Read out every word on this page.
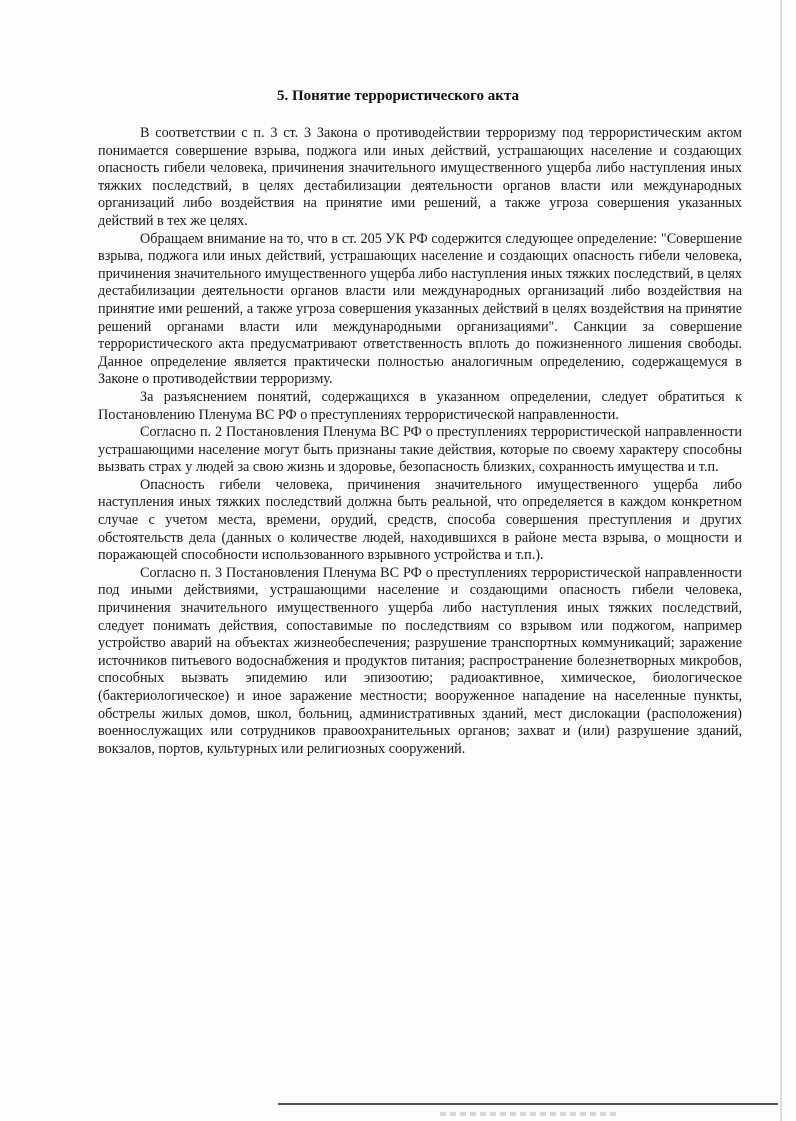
5. Понятие террористического акта

В соответствии с п. 3 ст. 3 Закона о противодействии терроризму под террористическим актом понимается совершение взрыва, поджога или иных действий, устрашающих население и создающих опасность гибели человека, причинения значительного имущественного ущерба либо наступления иных тяжких последствий, в целях дестабилизации деятельности органов власти или международных организаций либо воздействия на принятие ими решений, а также угроза совершения указанных действий в тех же целях.

Обращаем внимание на то, что в ст. 205 УК РФ содержится следующее определение: "Совершение взрыва, поджога или иных действий, устрашающих население и создающих опасность гибели человека, причинения значительного имущественного ущерба либо наступления иных тяжких последствий, в целях дестабилизации деятельности органов власти или международных организаций либо воздействия на принятие ими решений, а также угроза совершения указанных действий в целях воздействия на принятие решений органами власти или международными организациями". Санкции за совершение террористического акта предусматривают ответственность вплоть до пожизненного лишения свободы. Данное определение является практически полностью аналогичным определению, содержащемуся в Законе о противодействии терроризму.

За разъяснением понятий, содержащихся в указанном определении, следует обратиться к Постановлению Пленума ВС РФ о преступлениях террористической направленности.

Согласно п. 2 Постановления Пленума ВС РФ о преступлениях террористической направленности устрашающими население могут быть признаны такие действия, которые по своему характеру способны вызвать страх у людей за свою жизнь и здоровье, безопасность близких, сохранность имущества и т.п.

Опасность гибели человека, причинения значительного имущественного ущерба либо наступления иных тяжких последствий должна быть реальной, что определяется в каждом конкретном случае с учетом места, времени, орудий, средств, способа совершения преступления и других обстоятельств дела (данных о количестве людей, находившихся в районе места взрыва, о мощности и поражающей способности использованного взрывного устройства и т.п.).

Согласно п. 3 Постановления Пленума ВС РФ о преступлениях террористической направленности под иными действиями, устрашающими население и создающими опасность гибели человека, причинения значительного имущественного ущерба либо наступления иных тяжких последствий, следует понимать действия, сопоставимые по последствиям со взрывом или поджогом, например устройство аварий на объектах жизнеобеспечения; разрушение транспортных коммуникаций; заражение источников питьевого водоснабжения и продуктов питания; распространение болезнетворных микробов, способных вызвать эпидемию или эпизоотию; радиоактивное, химическое, биологическое (бактериологическое) и иное заражение местности; вооруженное нападение на населенные пункты, обстрелы жилых домов, школ, больниц, административных зданий, мест дислокации (расположения) военнослужащих или сотрудников правоохранительных органов; захват и (или) разрушение зданий, вокзалов, портов, культурных или религиозных сооружений.
